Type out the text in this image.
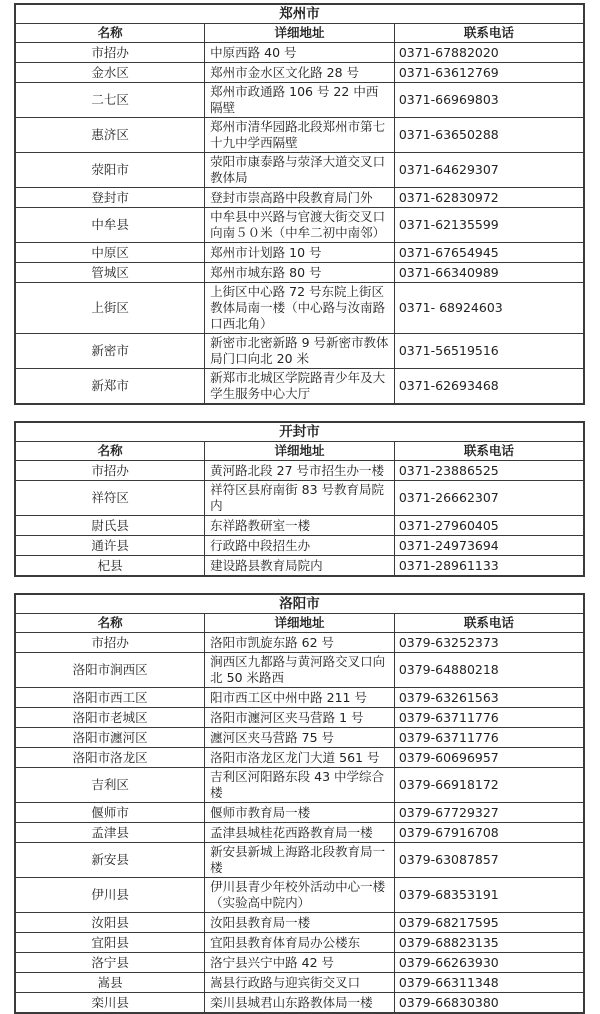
郑州市		
名称	详细地址	联系电话
市招办	中原西路 40 号	0371-67882020
金水区	郑州市金水区文化路 28 号	0371-63612769
二七区	郑州市政通路 106 号 22 中西隔壁	0371-66969803
惠济区	郑州市清华园路北段郑州市第七十九中学西隔壁	0371-63650288
荥阳市	荥阳市康泰路与荥泽大道交叉口教体局	0371-64629307
登封市	登封市崇高路中段教育局门外	0371-62830972
中牟县	中牟县中兴路与官渡大街交叉口向南５０米（中牟二初中南邻）	0371-62135599
中原区	郑州市计划路 10 号	0371-67654945
管城区	郑州市城东路 80 号	0371-66340989
上街区	上街区中心路 72 号东院上街区教体局南一楼（中心路与汝南路口西北角）	0371- 68924603
新密市	新密市北密新路 9 号新密市教体局门口向北 20 米	0371-56519516
新郑市	新郑市北城区学院路青少年及大学生服务中心大厅	0371-62693468
开封市		
名称	详细地址	联系电话
市招办	黄河路北段 27 号市招生办一楼	0371-23886525
祥符区	祥符区县府南街 83 号教育局院内	0371-26662307
尉氏县	东祥路教研室一楼	0371-27960405
通许县	行政路中段招生办	0371-24973694
杞县	建设路县教育局院内	0371-28961133
洛阳市		
名称	详细地址	联系电话
市招办	洛阳市凯旋东路 62 号	0379-63252373
洛阳市涧西区	涧西区九都路与黄河路交叉口向北 50 米路西	0379-64880218
洛阳市西工区	阳市西工区中州中路 211 号	0379-63261563
洛阳市老城区	洛阳市瀍河区夹马营路 1 号	0379-63711776
洛阳市瀍河区	瀍河区夹马营路 75 号	0379-63711776
洛阳市洛龙区	洛阳市洛龙区龙门大道 561 号	0379-60696957
吉利区	吉利区河阳路东段 43 中学综合楼	0379-66918172
偃师市	偃师市教育局一楼	0379-67729327
孟津县	孟津县城桂花西路教育局一楼	0379-67916708
新安县	新安县新城上海路北段教育局一楼	0379-63087857
伊川县	伊川县青少年校外活动中心一楼（实验高中院内）	0379-68353191
汝阳县	汝阳县教育局一楼	0379-68217595
宜阳县	宜阳县教育体育局办公楼东	0379-68823135
洛宁县	洛宁县兴宁中路 42 号	0379-66263930
嵩县	嵩县行政路与迎宾街交叉口	0379-66311348
栾川县	栾川县城君山东路教体局一楼	0379-66830380
